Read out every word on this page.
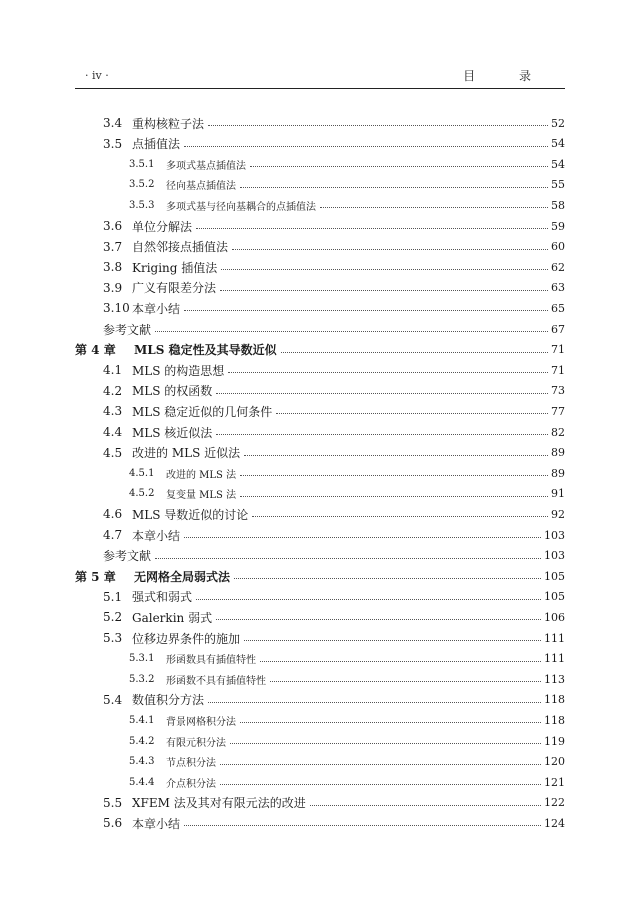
· iv ·	目 录
3.4 重构核粒子法	52
3.5 点插值法	54
3.5.1 多项式基点插值法	54
3.5.2 径向基点插值法	55
3.5.3 多项式基与径向基耦合的点插值法	58
3.6 单位分解法	59
3.7 自然邻接点插值法	60
3.8 Kriging 插值法	62
3.9 广义有限差分法	63
3.10 本章小结	65
参考文献	67
第 4 章 MLS 稳定性及其导数近似	71
4.1 MLS 的构造思想	71
4.2 MLS 的权函数	73
4.3 MLS 稳定近似的几何条件	77
4.4 MLS 核近似法	82
4.5 改进的 MLS 近似法	89
4.5.1 改进的 MLS 法	89
4.5.2 复变量 MLS 法	91
4.6 MLS 导数近似的讨论	92
4.7 本章小结	103
参考文献	103
第 5 章 无网格全局弱式法	105
5.1 强式和弱式	105
5.2 Galerkin 弱式	106
5.3 位移边界条件的施加	111
5.3.1 形函数具有插值特性	111
5.3.2 形函数不具有插值特性	113
5.4 数值积分方法	118
5.4.1 背景网格积分法	118
5.4.2 有限元积分法	119
5.4.3 节点积分法	120
5.4.4 介点积分法	121
5.5 XFEM 法及其对有限元法的改进	122
5.6 本章小结	124
